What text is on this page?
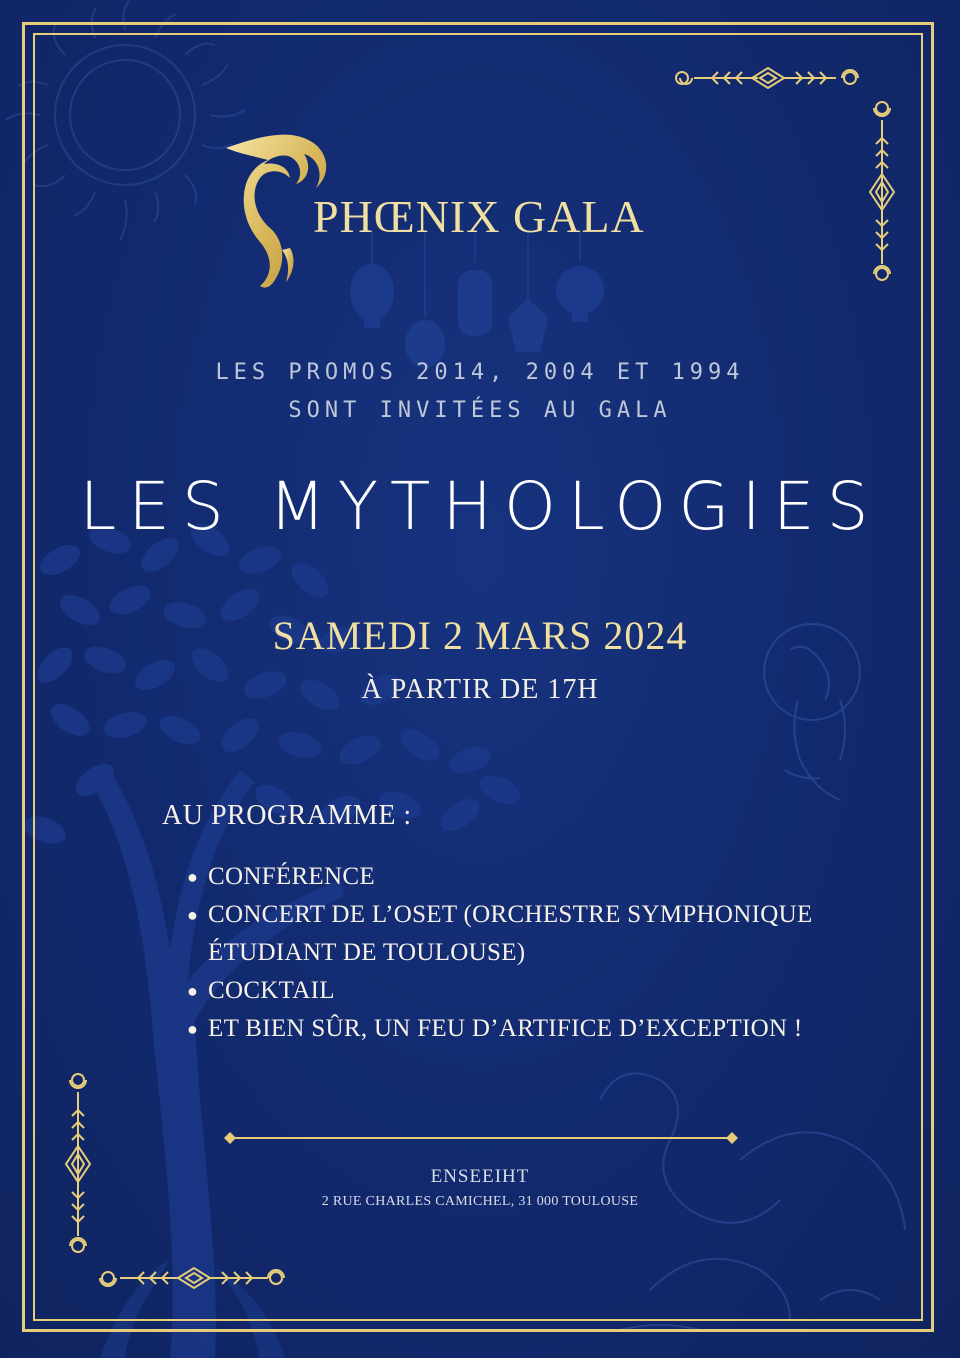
PHŒNIX GALA
LES PROMOS 2014, 2004 ET 1994
SONT INVITÉES AU GALA
LES MYTHOLOGIES
SAMEDI 2 MARS 2024
À PARTIR DE 17H
AU PROGRAMME :
● CONFÉRENCE
● CONCERT DE L’OSET (ORCHESTRE SYMPHONIQUE ÉTUDIANT DE TOULOUSE)
● COCKTAIL
● ET BIEN SÛR, UN FEU D’ARTIFICE D’EXCEPTION !
ENSEEIHT
2 RUE CHARLES CAMICHEL, 31 000 TOULOUSE
